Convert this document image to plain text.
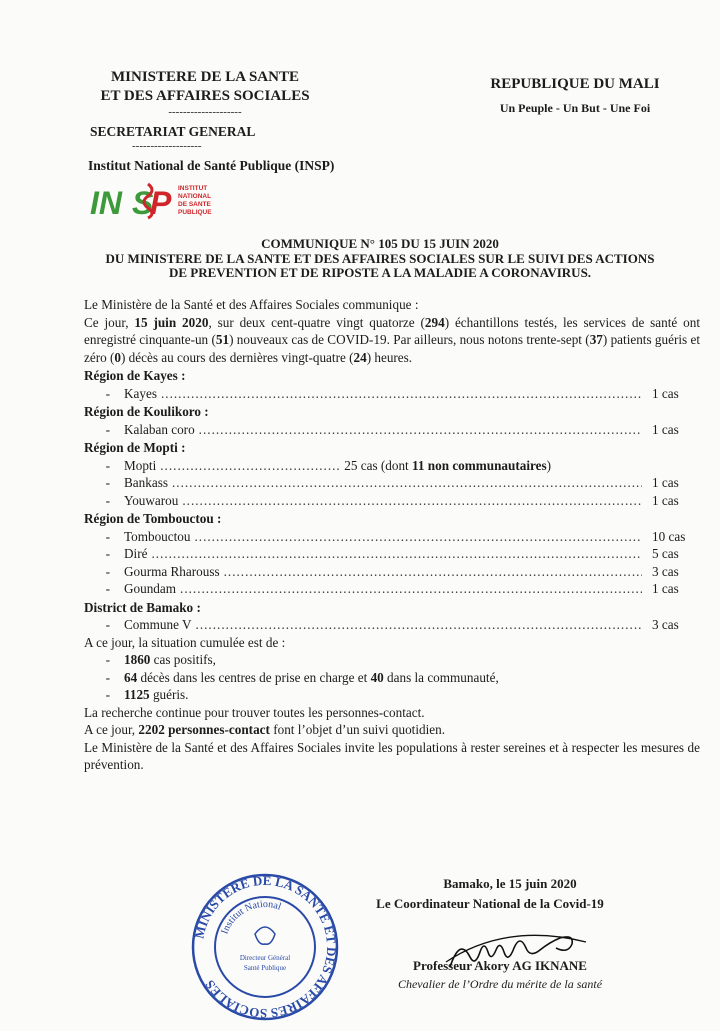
MINISTERE DE LA SANTE
ET DES AFFAIRES SOCIALES
--------------------
SECRETARIAT GENERAL
-------------------
Institut National de Santé Publique (INSP)
IN S
P INSTITUT
NATIONAL
DE SANTE
PUBLIQUE
REPUBLIQUE DU MALI
Un Peuple - Un But - Une Foi
COMMUNIQUE N° 105 DU 15 JUIN 2020
DU MINISTERE DE LA SANTE ET DES AFFAIRES SOCIALES SUR LE SUIVI DES ACTIONS
DE PREVENTION ET DE RIPOSTE A LA MALADIE A CORONAVIRUS.
Le Ministère de la Santé et des Affaires Sociales communique :
Ce jour, 15 juin 2020, sur deux cent-quatre vingt quatorze (294) échantillons testés, les services de santé ont enregistré cinquante-un (51) nouveaux cas de COVID-19. Par ailleurs, nous notons trente-sept (37) patients guéris et zéro (0) décès au cours des dernières vingt-quatre (24) heures.
Région de Kayes :
-	Kayes .....	1 cas
Région de Koulikoro :
-	Kalaban coro .....	1 cas
Région de Mopti :
-	Mopti .....	25 cas (dont 11 non communautaires)
-	Bankass .....	1 cas
-	Youwarou .....	1 cas
Région de Tombouctou :
-	Tombouctou .....	10 cas
-	Diré .....	5 cas
-	Gourma Rharouss .....	3 cas
-	Goundam .....	1 cas
District de Bamako :
-	Commune V .....	3 cas
A ce jour, la situation cumulée est de :
-	1860 cas positifs,
-	64 décès dans les centres de prise en charge et 40 dans la communauté,
-	1125 guéris.
La recherche continue pour trouver toutes les personnes-contact.
A ce jour, 2202 personnes-contact font l’objet d’un suivi quotidien.
Le Ministère de la Santé et des Affaires Sociales invite les populations à rester sereines et à respecter les mesures de prévention.
MINISTERE DE LA SANTE ET DES AFFAIRES SOCIALES
Institut National
Directeur Général
Santé Publique
Bamako, le 15 juin 2020
Le Coordinateur National de la Covid-19
Professeur Akory AG IKNANE
Chevalier de l’Ordre du mérite de la santé
